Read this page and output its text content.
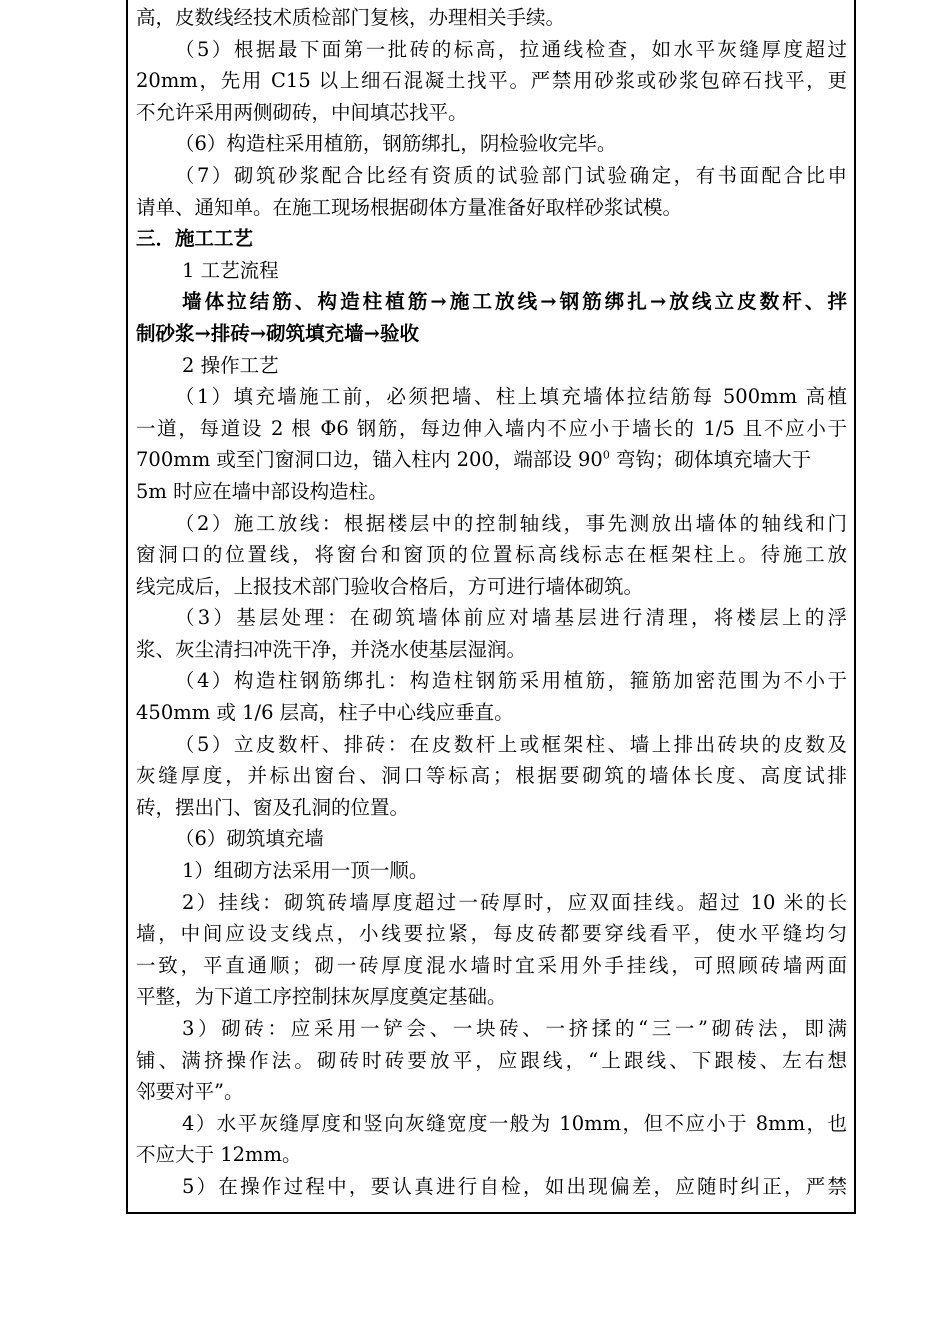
高，皮数线经技术质检部门复核，办理相关手续。
（5）根据最下面第一批砖的标高，拉通线检查，如水平灰缝厚度超过
20mm，先用 C15 以上细石混凝土找平。严禁用砂浆或砂浆包碎石找平，更
不允许采用两侧砌砖，中间填芯找平。
（6）构造柱采用植筋，钢筋绑扎，阴检验收完毕。
（7）砌筑砂浆配合比经有资质的试验部门试验确定，有书面配合比申
请单、通知单。在施工现场根据砌体方量准备好取样砂浆试模。
三．施工工艺
1 工艺流程
墙体拉结筋、构造柱植筋→施工放线→钢筋绑扎→放线立皮数杆、拌
制砂浆→排砖→砌筑填充墙→验收
2 操作工艺
（1）填充墙施工前，必须把墙、柱上填充墙体拉结筋每 500mm 高植
一道，每道设 2 根 Φ6 钢筋，每边伸入墙内不应小于墙长的 1/5 且不应小于
700mm 或至门窗洞口边，锚入柱内 200，端部设 $90^0$ 弯钩；砌体填充墙大于
5m 时应在墙中部设构造柱。
（2）施工放线：根据楼层中的控制轴线，事先测放出墙体的轴线和门
窗洞口的位置线，将窗台和窗顶的位置标高线标志在框架柱上。待施工放
线完成后，上报技术部门验收合格后，方可进行墙体砌筑。
（3）基层处理：在砌筑墙体前应对墙基层进行清理，将楼层上的浮
浆、灰尘清扫冲洗干净，并浇水使基层湿润。
（4）构造柱钢筋绑扎：构造柱钢筋采用植筋，箍筋加密范围为不小于
450mm 或 1/6 层高，柱子中心线应垂直。
（5）立皮数杆、排砖：在皮数杆上或框架柱、墙上排出砖块的皮数及
灰缝厚度，并标出窗台、洞口等标高；根据要砌筑的墙体长度、高度试排
砖，摆出门、窗及孔洞的位置。
（6）砌筑填充墙
1）组砌方法采用一顶一顺。
2）挂线：砌筑砖墙厚度超过一砖厚时，应双面挂线。超过 10 米的长
墙，中间应设支线点，小线要拉紧，每皮砖都要穿线看平，使水平缝均匀
一致，平直通顺；砌一砖厚度混水墙时宜采用外手挂线，可照顾砖墙两面
平整，为下道工序控制抹灰厚度奠定基础。
3）砌砖：应采用一铲会、一块砖、一挤揉的“三一”砌砖法，即满
铺、满挤操作法。砌砖时砖要放平，应跟线，“上跟线、下跟棱、左右想
邻要对平”。
4）水平灰缝厚度和竖向灰缝宽度一般为 10mm，但不应小于 8mm，也
不应大于 12mm。
5）在操作过程中，要认真进行自检，如出现偏差，应随时纠正，严禁
